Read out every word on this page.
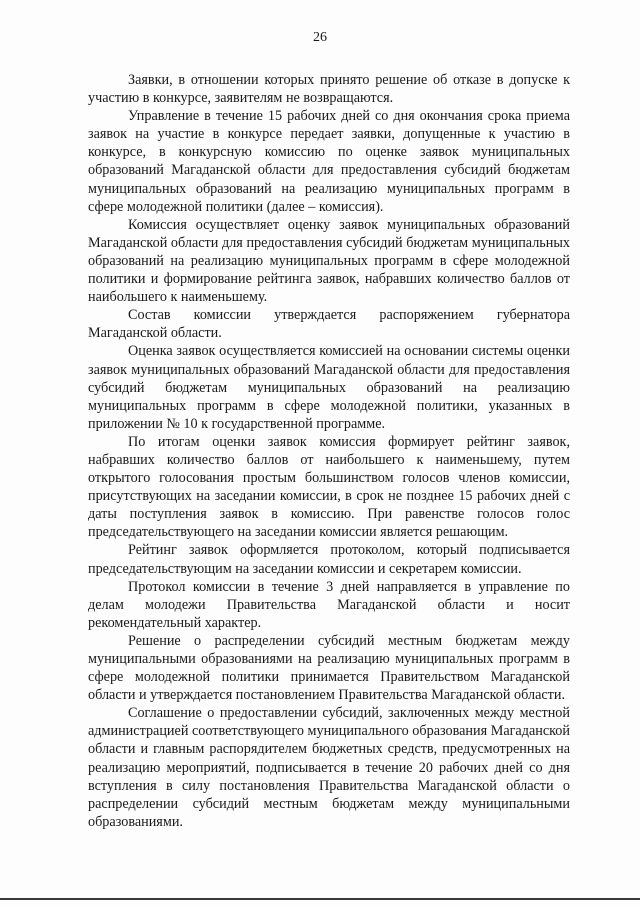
26

Заявки, в отношении которых принято решение об отказе в допуске к участию в конкурсе, заявителям не возвращаются.

Управление в течение 15 рабочих дней со дня окончания срока приема заявок на участие в конкурсе передает заявки, допущенные к участию в конкурсе, в конкурсную комиссию по оценке заявок муниципальных образований Магаданской области для предоставления субсидий бюджетам муниципальных образований на реализацию муниципальных программ в сфере молодежной политики (далее – комиссия).

Комиссия осуществляет оценку заявок муниципальных образований Магаданской области для предоставления субсидий бюджетам муниципальных образований на реализацию муниципальных программ в сфере молодежной политики и формирование рейтинга заявок, набравших количество баллов от наибольшего к наименьшему.

Состав комиссии утверждается распоряжением губернатора Магаданской области.

Оценка заявок осуществляется комиссией на основании системы оценки заявок муниципальных образований Магаданской области для предоставления субсидий бюджетам муниципальных образований на реализацию муниципальных программ в сфере молодежной политики, указанных в приложении № 10 к государственной программе.

По итогам оценки заявок комиссия формирует рейтинг заявок, набравших количество баллов от наибольшего к наименьшему, путем открытого голосования простым большинством голосов членов комиссии, присутствующих на заседании комиссии, в срок не позднее 15 рабочих дней с даты поступления заявок в комиссию. При равенстве голосов голос председательствующего на заседании комиссии является решающим.

Рейтинг заявок оформляется протоколом, который подписывается председательствующим на заседании комиссии и секретарем комиссии.

Протокол комиссии в течение 3 дней направляется в управление по делам молодежи Правительства Магаданской области и носит рекомендательный характер.

Решение о распределении субсидий местным бюджетам между муниципальными образованиями на реализацию муниципальных программ в сфере молодежной политики принимается Правительством Магаданской области и утверждается постановлением Правительства Магаданской области.

Соглашение о предоставлении субсидий, заключенных между местной администрацией соответствующего муниципального образования Магаданской области и главным распорядителем бюджетных средств, предусмотренных на реализацию мероприятий, подписывается в течение 20 рабочих дней со дня вступления в силу постановления Правительства Магаданской области о распределении субсидий местным бюджетам между муниципальными образованиями.
